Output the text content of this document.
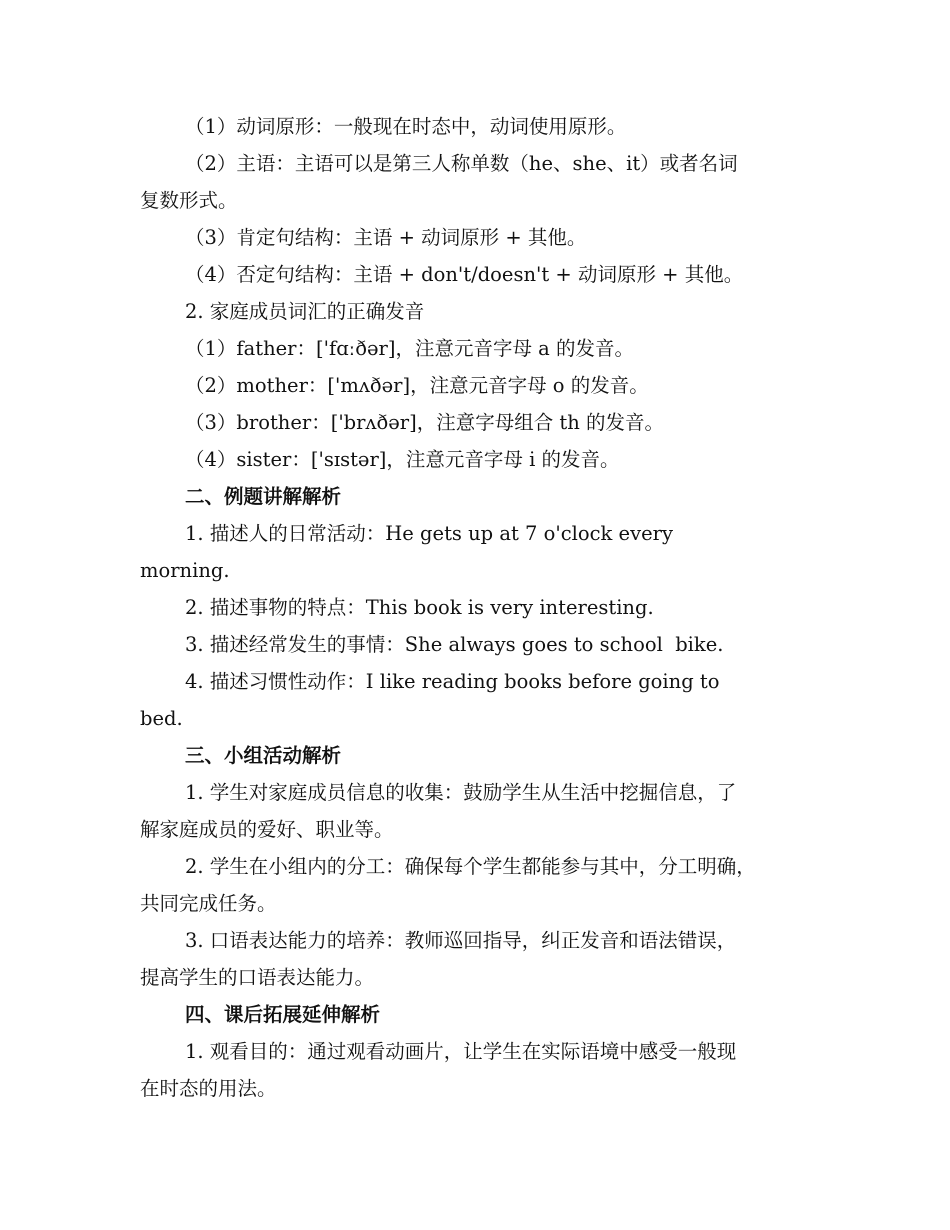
（1）动词原形：一般现在时态中，动词使用原形。
（2）主语：主语可以是第三人称单数（he、she、it）或者名词
复数形式。
（3）肯定句结构：主语 + 动词原形 + 其他。
（4）否定句结构：主语 + don't/doesn't + 动词原形 + 其他。
2. 家庭成员词汇的正确发音
（1）father：['fɑːðər]，注意元音字母 a 的发音。
（2）mother：['mʌðər]，注意元音字母 o 的发音。
（3）brother：['brʌðər]，注意字母组合 th 的发音。
（4）sister：['sɪstər]，注意元音字母 i 的发音。
二、例题讲解解析
1. 描述人的日常活动：He gets up at 7 o'clock every
morning.
2. 描述事物的特点：This book is very interesting.
3. 描述经常发生的事情：She always goes to school  bike.
4. 描述习惯性动作：I like reading books before going to
bed.
三、小组活动解析
1. 学生对家庭成员信息的收集：鼓励学生从生活中挖掘信息，了
解家庭成员的爱好、职业等。
2. 学生在小组内的分工：确保每个学生都能参与其中，分工明确，
共同完成任务。
3. 口语表达能力的培养：教师巡回指导，纠正发音和语法错误，
提高学生的口语表达能力。
四、课后拓展延伸解析
1. 观看目的：通过观看动画片，让学生在实际语境中感受一般现
在时态的用法。
